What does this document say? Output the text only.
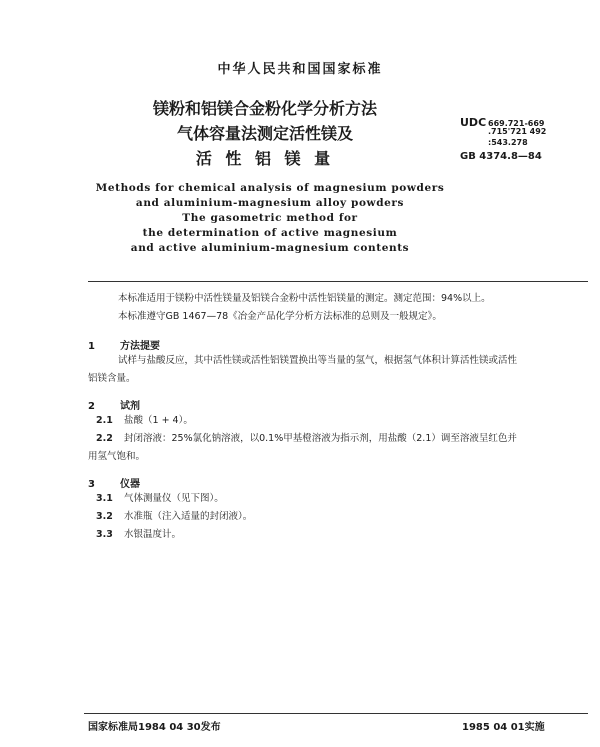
中华人民共和国国家标准
镁粉和铝镁合金粉化学分析方法
气体容量法测定活性镁及
活 性 铝 镁 量
UDC 669.721-669
.715'721 492
:543.278
GB 4374.8—84
Methods for chemical analysis of magnesium powders
and aluminium-magnesium alloy powders
The gasometric method for
the determination of active magnesium
and active aluminium-magnesium contents
本标准适用于镁粉中活性镁量及铝镁合金粉中活性铝镁量的测定。测定范围：94%以上。
本标准遵守GB 1467—78《冶金产品化学分析方法标准的总则及一般规定》。
1	方法提要
试样与盐酸反应，其中活性镁或活性铝镁置换出等当量的氢气，根据氢气体积计算活性镁或活性
铝镁含量。
2	试剂
2.1 盐酸（1 + 4）。
2.2 封闭溶液：25%氯化钠溶液，以0.1%甲基橙溶液为指示剂，用盐酸（2.1）调至溶液呈红色并
用氢气饱和。
3	仪器
3.1 气体测量仪（见下图）。
3.2 水准瓶（注入适量的封闭液）。
3.3 水银温度计。
国家标准局1984 04 30发布	1985 04 01实施
